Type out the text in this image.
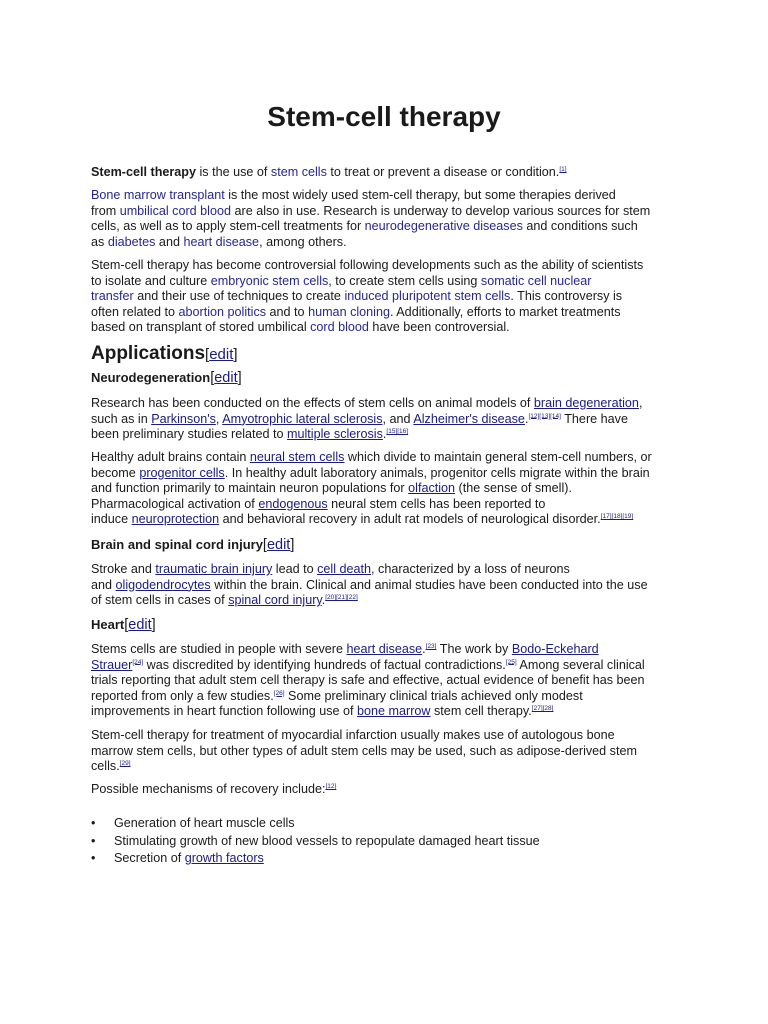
Stem-cell therapy

Stem-cell therapy is the use of stem cells to treat or prevent a disease or condition.[1]

Bone marrow transplant is the most widely used stem-cell therapy, but some therapies derived
from umbilical cord blood are also in use. Research is underway to develop various sources for stem
cells, as well as to apply stem-cell treatments for neurodegenerative diseases and conditions such
as diabetes and heart disease, among others.

Stem-cell therapy has become controversial following developments such as the ability of scientists
to isolate and culture embryonic stem cells, to create stem cells using somatic cell nuclear
transfer and their use of techniques to create induced pluripotent stem cells. This controversy is
often related to abortion politics and to human cloning. Additionally, efforts to market treatments
based on transplant of stored umbilical cord blood have been controversial.

Applications[edit]
Neurodegeneration[edit]

Research has been conducted on the effects of stem cells on animal models of brain degeneration,
such as in Parkinson's, Amyotrophic lateral sclerosis, and Alzheimer's disease.[12][13][14] There have
been preliminary studies related to multiple sclerosis.[15][16]

Healthy adult brains contain neural stem cells which divide to maintain general stem-cell numbers, or
become progenitor cells. In healthy adult laboratory animals, progenitor cells migrate within the brain
and function primarily to maintain neuron populations for olfaction (the sense of smell).
Pharmacological activation of endogenous neural stem cells has been reported to
induce neuroprotection and behavioral recovery in adult rat models of neurological disorder.[17][18][19]

Brain and spinal cord injury[edit]

Stroke and traumatic brain injury lead to cell death, characterized by a loss of neurons
and oligodendrocytes within the brain. Clinical and animal studies have been conducted into the use
of stem cells in cases of spinal cord injury.[20][21][22]

Heart[edit]

Stems cells are studied in people with severe heart disease.[23] The work by Bodo-Eckehard
Strauer[24] was discredited by identifying hundreds of factual contradictions.[25] Among several clinical
trials reporting that adult stem cell therapy is safe and effective, actual evidence of benefit has been
reported from only a few studies.[26] Some preliminary clinical trials achieved only modest
improvements in heart function following use of bone marrow stem cell therapy.[27][28]

Stem-cell therapy for treatment of myocardial infarction usually makes use of autologous bone
marrow stem cells, but other types of adult stem cells may be used, such as adipose-derived stem
cells.[29]

Possible mechanisms of recovery include:[12]

• Generation of heart muscle cells
• Stimulating growth of new blood vessels to repopulate damaged heart tissue
• Secretion of growth factors
